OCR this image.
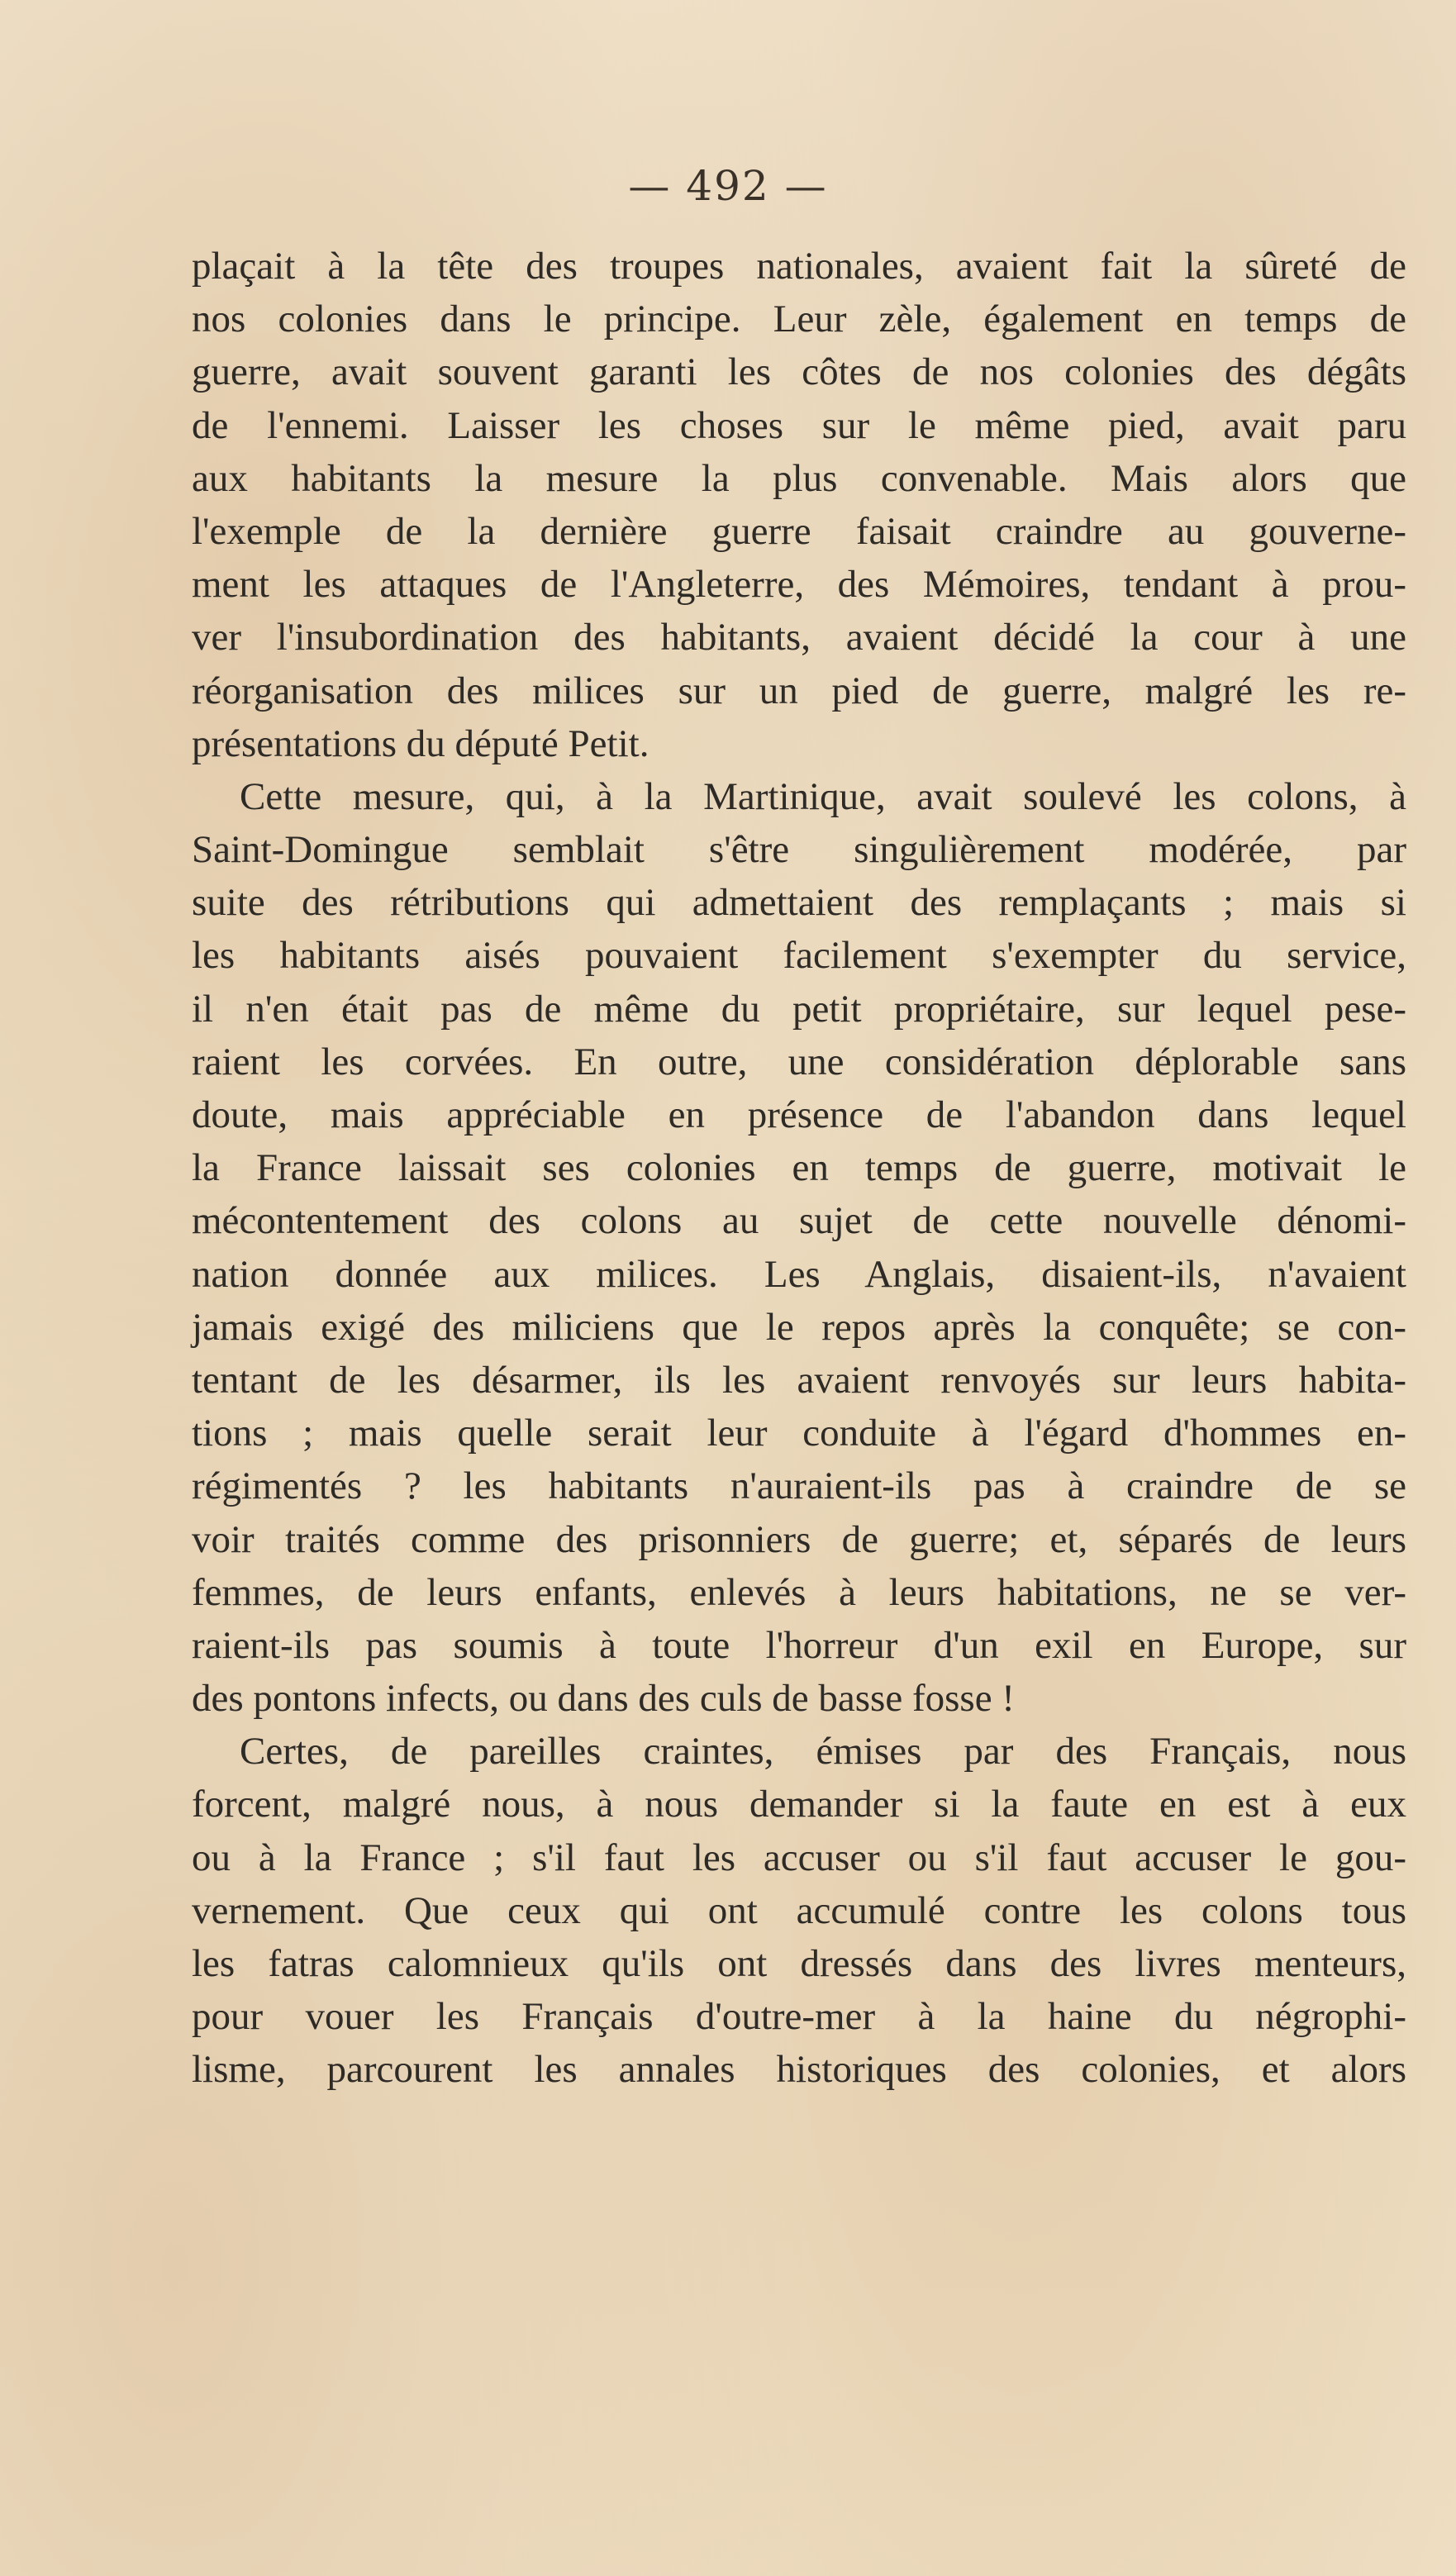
— 492 —
plaçait à la tête des troupes nationales, avaient fait la sûreté de
nos colonies dans le principe. Leur zèle, également en temps de
guerre, avait souvent garanti les côtes de nos colonies des dégâts
de l'ennemi. Laisser les choses sur le même pied, avait paru
aux habitants la mesure la plus convenable. Mais alors que
l'exemple de la dernière guerre faisait craindre au gouverne-
ment les attaques de l'Angleterre, des Mémoires, tendant à prou-
ver l'insubordination des habitants, avaient décidé la cour à une
réorganisation des milices sur un pied de guerre, malgré les re-
présentations du député Petit.
Cette mesure, qui, à la Martinique, avait soulevé les colons, à
Saint-Domingue semblait s'être singulièrement modérée, par
suite des rétributions qui admettaient des remplaçants ; mais si
les habitants aisés pouvaient facilement s'exempter du service,
il n'en était pas de même du petit propriétaire, sur lequel pese-
raient les corvées. En outre, une considération déplorable sans
doute, mais appréciable en présence de l'abandon dans lequel
la France laissait ses colonies en temps de guerre, motivait le
mécontentement des colons au sujet de cette nouvelle dénomi-
nation donnée aux milices. Les Anglais, disaient-ils, n'avaient
jamais exigé des miliciens que le repos après la conquête; se con-
tentant de les désarmer, ils les avaient renvoyés sur leurs habita-
tions ; mais quelle serait leur conduite à l'égard d'hommes en-
régimentés ? les habitants n'auraient-ils pas à craindre de se
voir traités comme des prisonniers de guerre; et, séparés de leurs
femmes, de leurs enfants, enlevés à leurs habitations, ne se ver-
raient-ils pas soumis à toute l'horreur d'un exil en Europe, sur
des pontons infects, ou dans des culs de basse fosse !
Certes, de pareilles craintes, émises par des Français, nous
forcent, malgré nous, à nous demander si la faute en est à eux
ou à la France ; s'il faut les accuser ou s'il faut accuser le gou-
vernement. Que ceux qui ont accumulé contre les colons tous
les fatras calomnieux qu'ils ont dressés dans des livres menteurs,
pour vouer les Français d'outre-mer à la haine du négrophi-
lisme, parcourent les annales historiques des colonies, et alors
